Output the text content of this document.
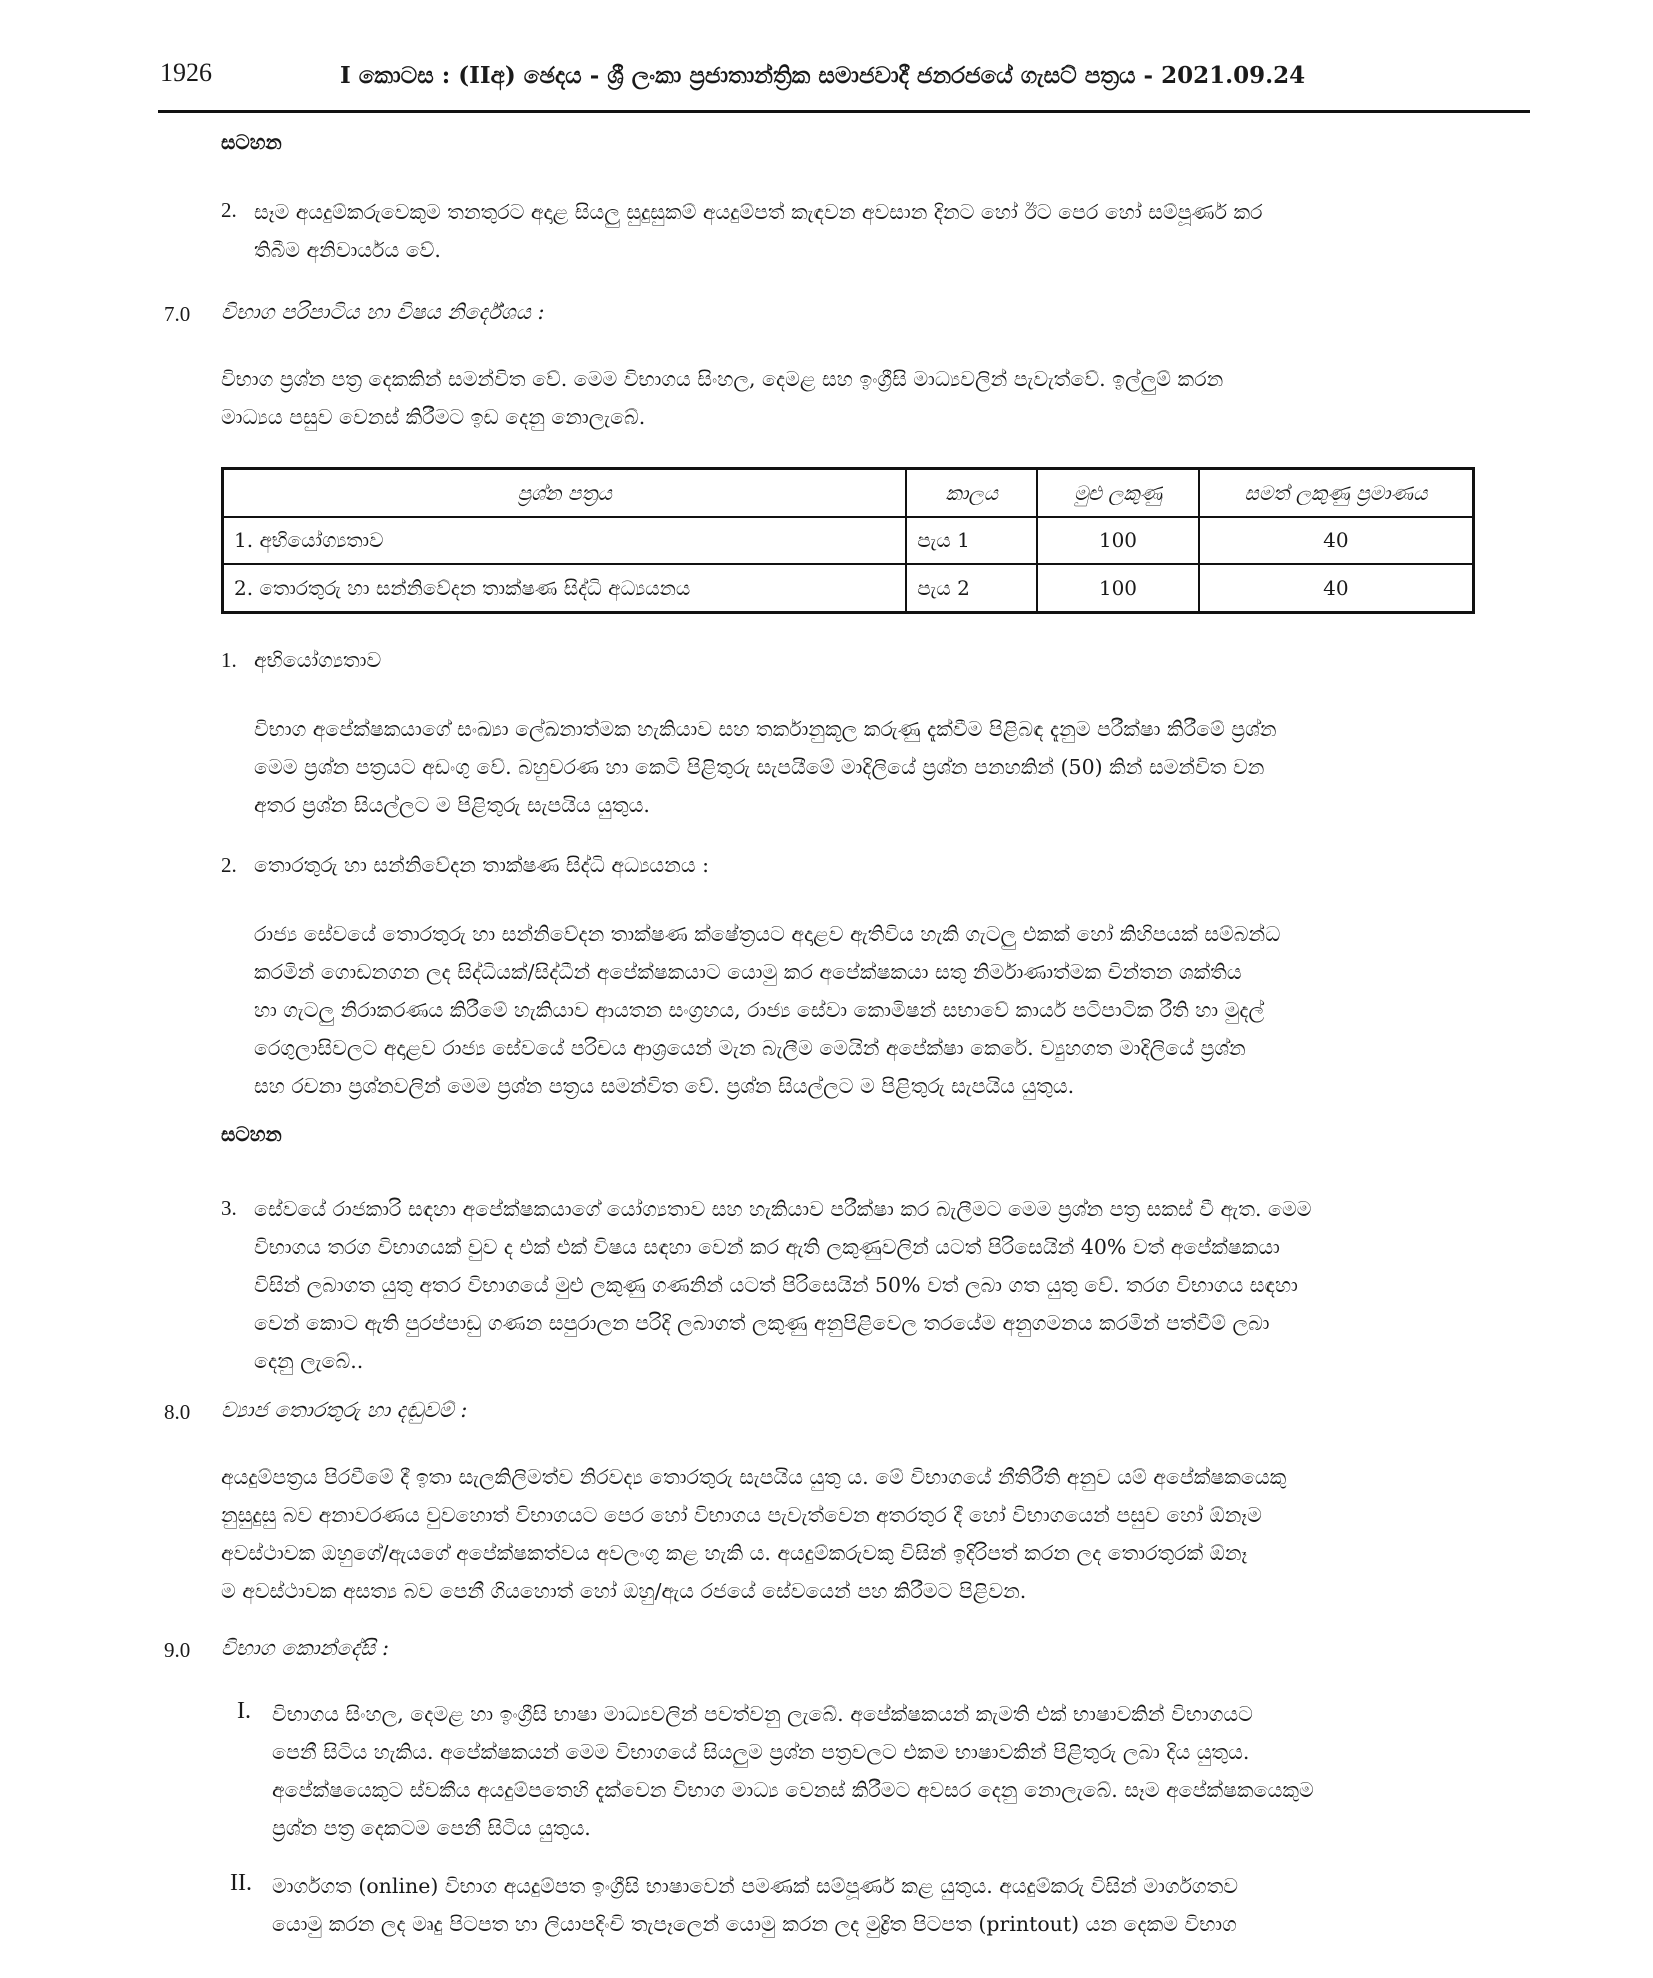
1926	I කොටස : (IIඅ) ඡෙදය - ශ්‍රී ලංකා ප්‍රජාතාන්ත්‍රික සමාජවාදී ජනරජයේ ගැසට් පත්‍රය - 2021.09.24
සටහන
2. සෑම අයදුම්කරුවෙකුම තනතුරට අදාළ සියලු සුදුසුකම් අයදුම්පත් කැඳවන අවසාන දිනට හෝ ඊට පෙර හෝ සම්පූර්ණ කර
තිබීම අනිවාර්යය වේ.
7.0 විභාග පරිපාටිය හා විෂය නිර්දේශය :
විභාග ප්‍රශ්න පත්‍ර දෙකකින් සමන්විත වේ. මෙම විභාගය සිංහල, දෙමළ සහ ඉංග්‍රීසි මාධ්‍යවලින් පැවැත්වේ. ඉල්ලුම් කරන
මාධ්‍යය පසුව වෙනස් කිරීමට ඉඩ දෙනු නොලැබේ.
ප්‍රශ්න පත්‍රය	කාලය	මුළු ලකුණු	සමත් ලකුණු ප්‍රමාණය
1. අභියෝග්‍යතාව	පැය 1	100	40
2. තොරතුරු හා සන්නිවේදන තාක්ෂණ සිද්ධි අධ්‍යයනය	පැය 2	100	40
1. අභියෝග්‍යතාව
විභාග අපේක්ෂකයාගේ සංඛ්‍යා ලේඛනාත්මක හැකියාව සහ තර්කානුකූල කරුණු දැක්වීම පිළිබඳ දැනුම පරීක්ෂා කිරීමේ ප්‍රශ්න
මෙම ප්‍රශ්න පත්‍රයට අඩංගු වේ. බහුවරණ හා කෙටි පිළිතුරු සැපයීමේ මාදිලියේ ප්‍රශ්න පනහකින් (50) කින් සමන්විත වන
අතර ප්‍රශ්න සියල්ලට ම පිළිතුරු සැපයිය යුතුය.
2. තොරතුරු හා සන්නිවේදන තාක්ෂණ සිද්ධි අධ්‍යයනය :
රාජ්‍ය සේවයේ තොරතුරු හා සන්නිවේදන තාක්ෂණ ක්ෂේත්‍රයට අදාළව ඇතිවිය හැකි ගැටලු එකක් හෝ කිහිපයක් සම්බන්ධ
කරමින් ගොඩනගන ලද සිද්ධියක්/සිද්ධීන් අපේක්ෂකයාට යොමු කර අපේක්ෂකයා සතු නිර්මාණාත්මක චින්තන ශක්තිය
හා ගැටලු නිරාකරණය කිරීමේ හැකියාව ආයතන සංග්‍රහය, රාජ්‍ය සේවා කොමිෂන් සභාවේ කාර්ය පටිපාටික රීති හා මුදල්
රෙගුලාසිවලට අදාළව රාජ්‍ය සේවයේ පරිචය ආශ්‍රයෙන් මැන බැලීම මෙයින් අපේක්ෂා කෙරේ. ව්‍යුහගත මාදිලියේ ප්‍රශ්න
සහ රචනා ප්‍රශ්නවලින් මෙම ප්‍රශ්න පත්‍රය සමන්විත වේ. ප්‍රශ්න සියල්ලට ම පිළිතුරු සැපයිය යුතුය.
සටහන
3. සේවයේ රාජකාරි සඳහා අපේක්ෂකයාගේ යෝග්‍යතාව සහ හැකියාව පරීක්ෂා කර බැලීමට මෙම ප්‍රශ්න පත්‍ර සකස් වී ඇත. මෙම
විභාගය තරග විභාගයක් වුව ද එක් එක් විෂය සඳහා වෙන් කර ඇති ලකුණුවලින් යටත් පිරිසෙයින් 40% වත් අපේක්ෂකයා
විසින් ලබාගත යුතු අතර විභාගයේ මුළු ලකුණු ගණනින් යටත් පිරිසෙයින් 50% වත් ලබා ගත යුතු වේ. තරග විභාගය සඳහා
වෙන් කොට ඇති පුරප්පාඩු ගණන සපුරාලන පරිදි ලබාගත් ලකුණු අනුපිළිවෙල තරයේම අනුගමනය කරමින් පත්වීම් ලබා
දෙනු ලැබේ..
8.0 ව්‍යාජ තොරතුරු හා දඬුවම් :
අයදුම්පත්‍රය පිරවීමේ දී ඉතා සැලකිලිමත්ව නිරවද්‍ය තොරතුරු සැපයිය යුතු ය. මේ විභාගයේ නීතිරීති අනුව යම් අපේක්ෂකයෙකු
නුසුදුසු බව අනාවරණය වුවහොත් විභාගයට පෙර හෝ විභාගය පැවැත්වෙන අතරතුර දී හෝ විභාගයෙන් පසුව හෝ ඕනෑම
අවස්ථාවක ඔහුගේ/ඇයගේ අපේක්ෂකත්වය අවලංගු කළ හැකි ය. අයදුම්කරුවකු විසින් ඉදිරිපත් කරන ලද තොරතුරක් ඕනෑ
ම අවස්ථාවක අසත්‍ය බව පෙනී ගියහොත් හෝ ඔහු/ඇය රජයේ සේවයෙන් පහ කිරීමට පිළිවන.
9.0 විභාග කොන්දේසි :
I. විභාගය සිංහල, දෙමළ හා ඉංග්‍රීසි භාෂා මාධ්‍යවලින් පවත්වනු ලැබේ. අපේක්ෂකයන් කැමති එක් භාෂාවකින් විභාගයට
පෙනී සිටිය හැකිය. අපේක්ෂකයන් මෙම විභාගයේ සියලුම ප්‍රශ්න පත්‍රවලට එකම භාෂාවකින් පිළිතුරු ලබා දිය යුතුය.
අපේක්ෂයෙකුට ස්වකීය අයදුම්පතෙහි දැක්වෙන විභාග මාධ්‍ය වෙනස් කිරීමට අවසර දෙනු නොලැබේ. සෑම අපේක්ෂකයෙකුම
ප්‍රශ්න පත්‍ර දෙකටම පෙනී සිටිය යුතුය.
II. මාර්ගගත (online) විභාග අයදුම්පත ඉංග්‍රීසි භාෂාවෙන් පමණක් සම්පූර්ණ කළ යුතුය. අයදුම්කරු විසින් මාර්ගගතව
යොමු කරන ලද මෘදු පිටපත හා ලියාපදිංචි තැපෑලෙන් යොමු කරන ලද මුද්‍රිත පිටපත (printout) යන දෙකම විභාග
